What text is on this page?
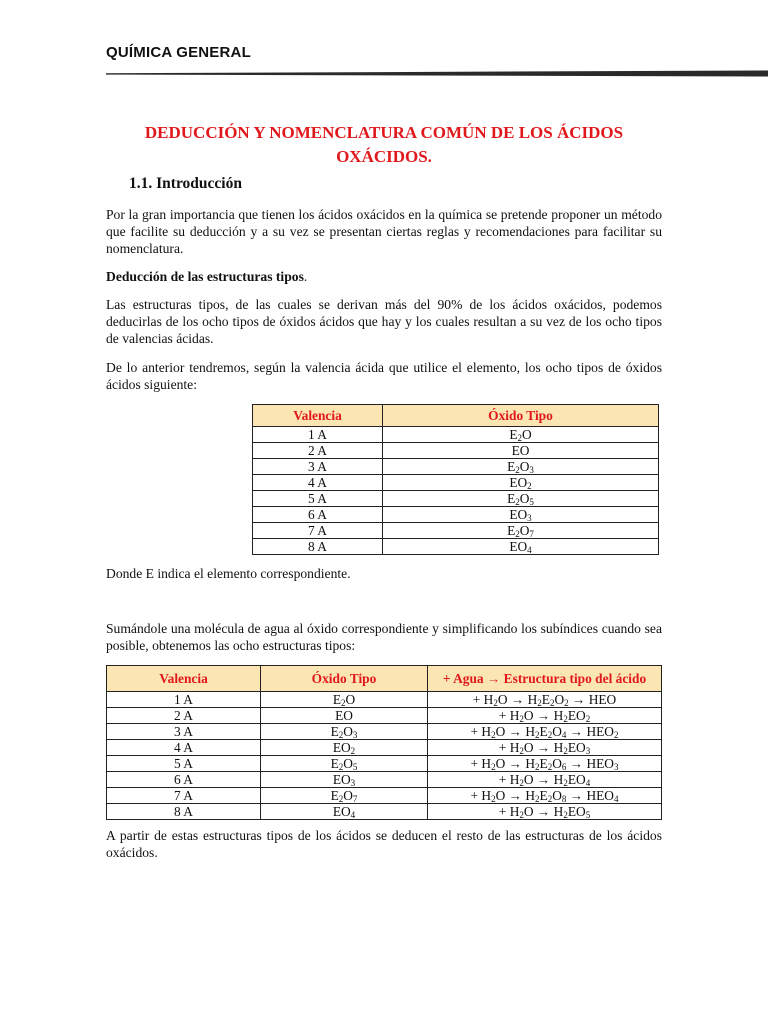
QUÍMICA GENERAL
DEDUCCIÓN Y NOMENCLATURA COMÚN DE LOS ÁCIDOS OXÁCIDOS.
1.1. Introducción
Por la gran importancia que tienen los ácidos oxácidos en la química se pretende proponer un método que facilite su deducción y a su vez se presentan ciertas reglas y recomendaciones para facilitar su nomenclatura.
Deducción de las estructuras tipos.
Las estructuras tipos, de las cuales se derivan más del 90% de los ácidos oxácidos, podemos deducirlas de los ocho tipos de óxidos ácidos que hay y los cuales resultan a su vez de los ocho tipos de valencias ácidas.
De lo anterior tendremos, según la valencia ácida que utilice el elemento, los ocho tipos de óxidos ácidos siguiente:
Valencia	Óxido Tipo
1 A	$E_2O$
2 A	EO
3 A	$E_2O_3$
4 A	$EO_2$
5 A	$E_2O_5$
6 A	$EO_3$
7 A	$E_2O_7$
8 A	$EO_4$
Donde E indica el elemento correspondiente.
Sumándole una molécula de agua al óxido correspondiente y simplificando los subíndices cuando sea posible, obtenemos las ocho estructuras tipos:
Valencia	Óxido Tipo	+ Agua → Estructura tipo del ácido
1 A	$E_2O$	+ $H_2O \to H_2E_2O_2$ → HEO
2 A	EO	+ $H_2O \to H_2EO_2$
3 A	$E_2O_3$	+ $H_2O \to H_2E_2O_4 \to HEO_2$
4 A	$EO_2$	+ $H_2O \to H_2EO_3$
5 A	$E_2O_5$	+ $H_2O \to H_2E_2O_6 \to HEO_3$
6 A	$EO_3$	+ $H_2O \to H_2EO_4$
7 A	$E_2O_7$	+ $H_2O \to H_2E_2O_8 \to HEO_4$
8 A	$EO_4$	+ $H_2O \to H_2EO_5$
A partir de estas estructuras tipos de los ácidos se deducen el resto de las estructuras de los ácidos oxácidos.
